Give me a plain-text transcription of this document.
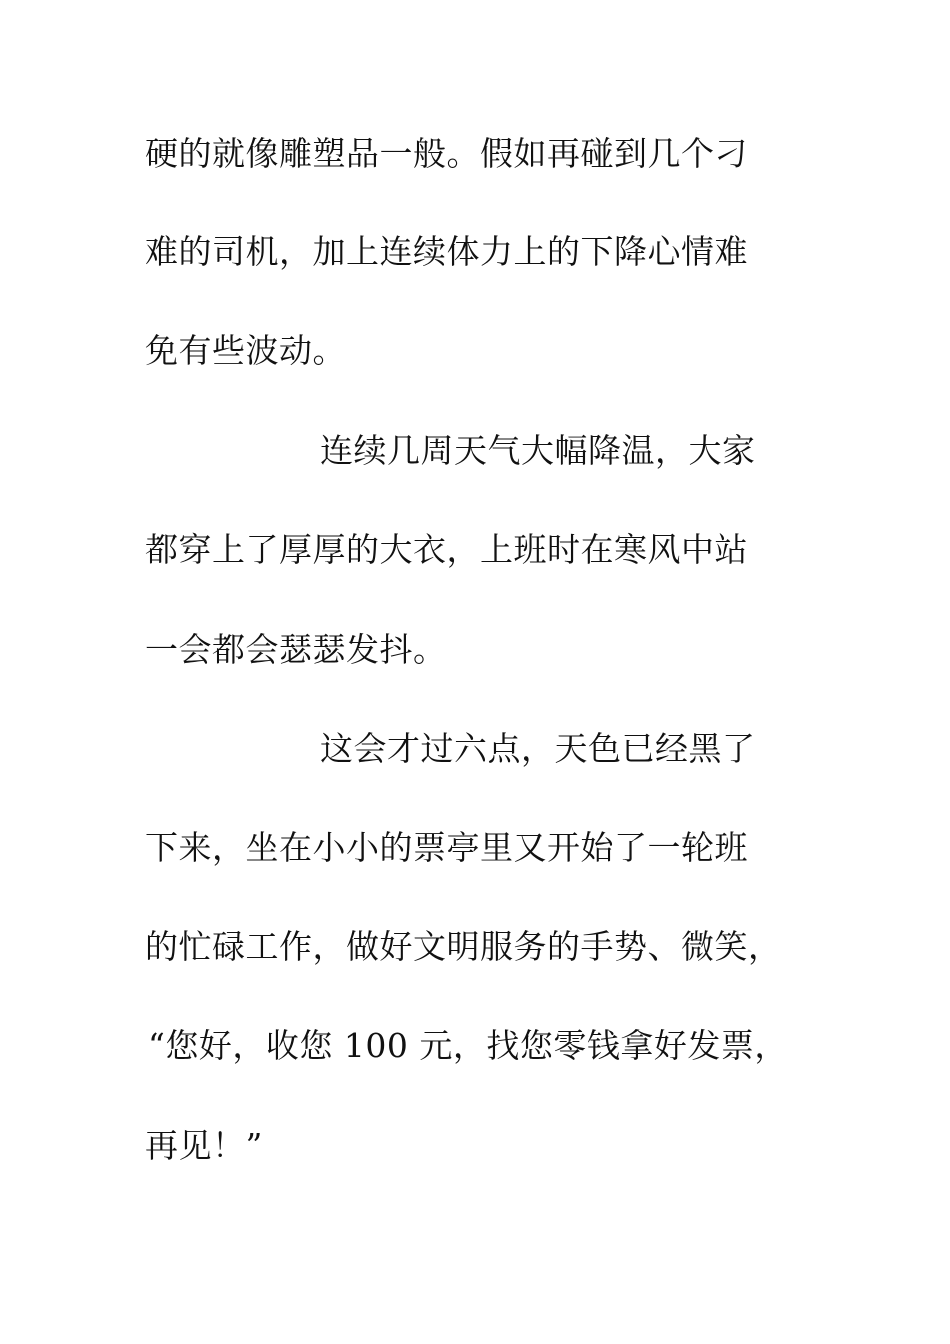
硬的就像雕塑品一般。假如再碰到几个刁
难的司机，加上连续体力上的下降心情难
免有些波动。
连续几周天气大幅降温，大家
都穿上了厚厚的大衣，上班时在寒风中站
一会都会瑟瑟发抖。
这会才过六点，天色已经黑了
下来，坐在小小的票亭里又开始了一轮班
的忙碌工作，做好文明服务的手势、微笑，
“您好，收您 100 元，找您零钱拿好发票，
再见！”
